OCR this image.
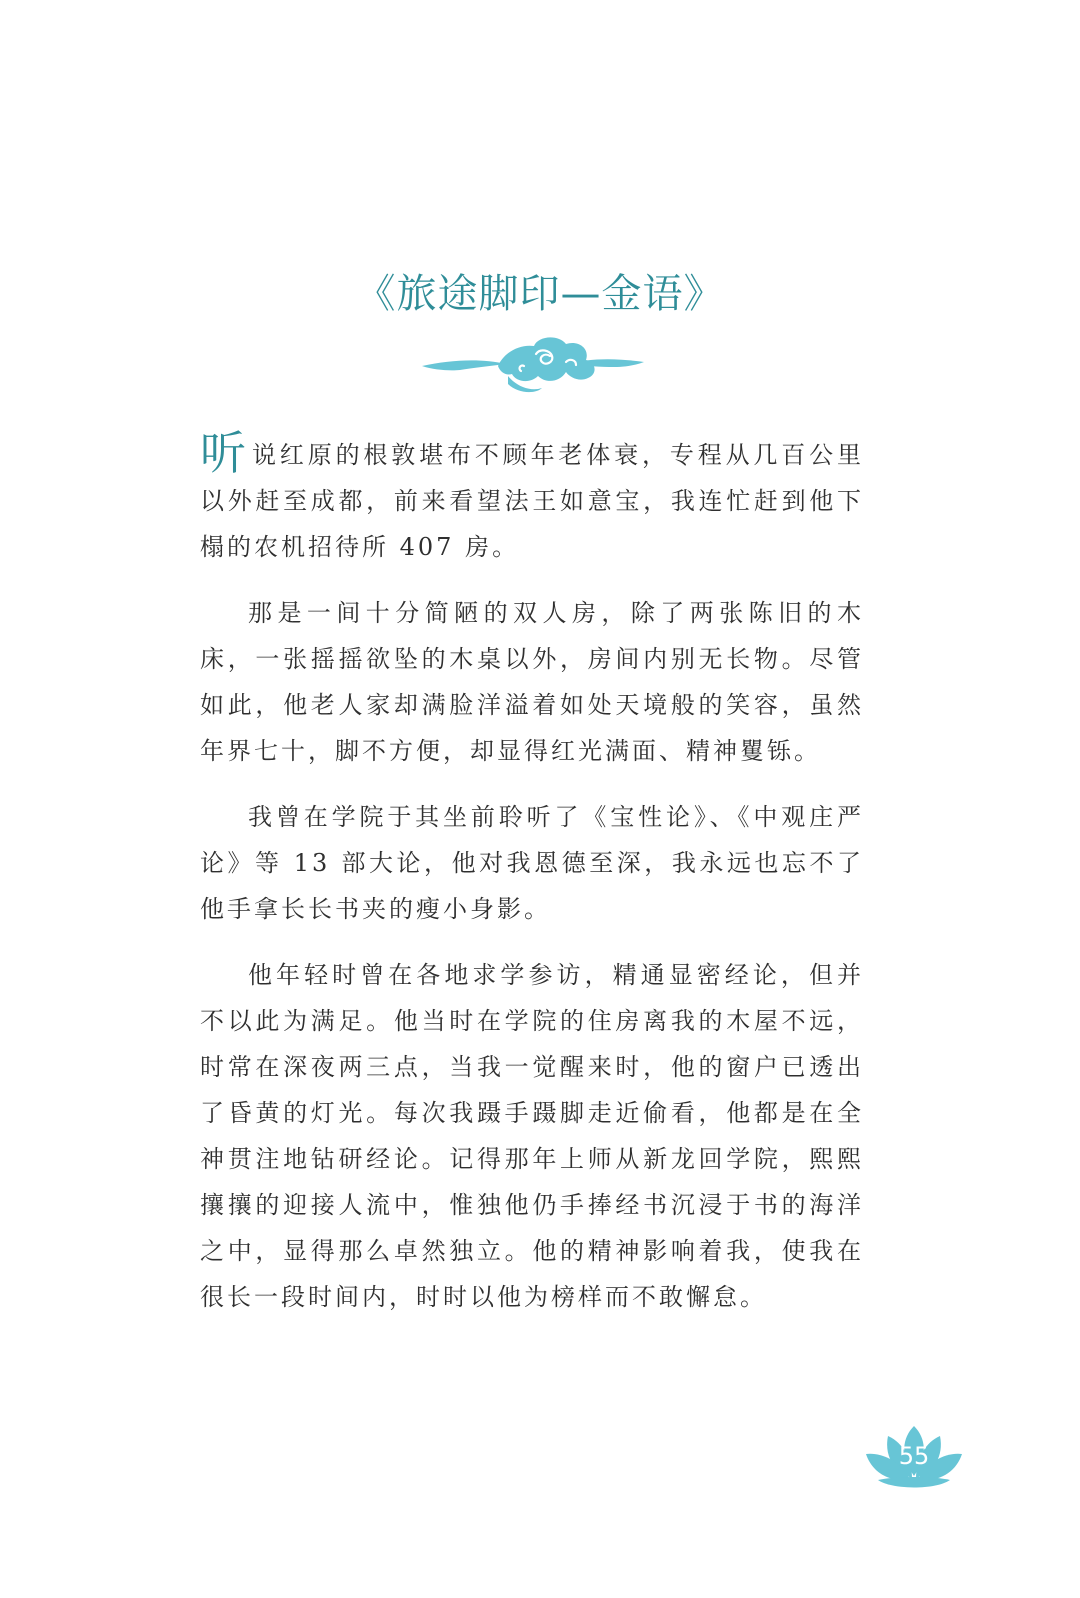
《旅途脚印—金语》

听说红原的根敦堪布不顾年老体衰，专程从几百公里以外赶至成都，前来看望法王如意宝，我连忙赶到他下榻的农机招待所 407 房。

那是一间十分简陋的双人房，除了两张陈旧的木床，一张摇摇欲坠的木桌以外，房间内别无长物。尽管如此，他老人家却满脸洋溢着如处天境般的笑容，虽然年界七十，脚不方便，却显得红光满面、精神矍铄。

我曾在学院于其坐前聆听了《宝性论》、《中观庄严论》等 13 部大论，他对我恩德至深，我永远也忘不了他手拿长长书夹的瘦小身影。

他年轻时曾在各地求学参访，精通显密经论，但并不以此为满足。他当时在学院的住房离我的木屋不远，时常在深夜两三点，当我一觉醒来时，他的窗户已透出了昏黄的灯光。每次我蹑手蹑脚走近偷看，他都是在全神贯注地钻研经论。记得那年上师从新龙回学院，熙熙攘攘的迎接人流中，惟独他仍手捧经书沉浸于书的海洋之中，显得那么卓然独立。他的精神影响着我，使我在很长一段时间内，时时以他为榜样而不敢懈怠。

55
